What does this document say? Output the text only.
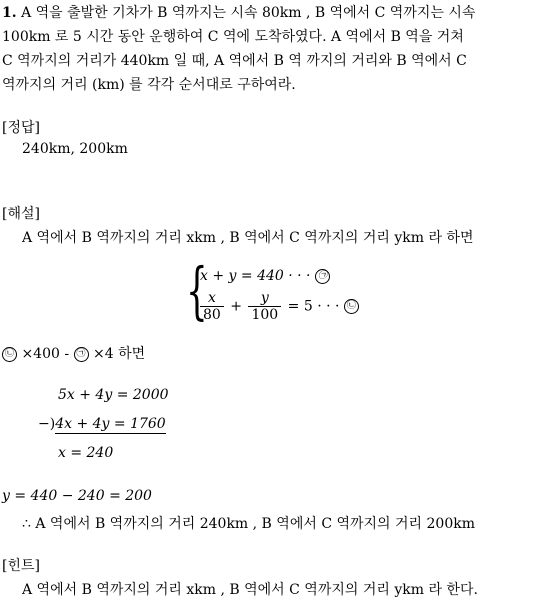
1. A 역을 출발한 기차가 B 역까지는 시속 80km , B 역에서 C 역까지는 시속
100km 로 5 시간 동안 운행하여 C 역에 도착하였다. A 역에서 B 역을 거쳐
C 역까지의 거리가 440km 일 때, A 역에서 B 역 까지의 거리와 B 역에서 C
역까지의 거리 (km) 를 각각 순서대로 구하여라.
[정답]
240km, 200km
[해설]
A 역에서 B 역까지의 거리 xkm , B 역에서 C 역까지의 거리 ykm 라 하면
{
x + y = 440 · · · ㉠
$\frac{x}{80} + \frac{y}{100} = 5$ · · · ㉡
㉡ ×400 - ㉠ ×4 하면
5x + 4y = 2000
−)4x + 4y = 1760
x = 240
y = 440 − 240 = 200
∴ A 역에서 B 역까지의 거리 240km , B 역에서 C 역까지의 거리 200km
[힌트]
A 역에서 B 역까지의 거리 xkm , B 역에서 C 역까지의 거리 ykm 라 한다.
